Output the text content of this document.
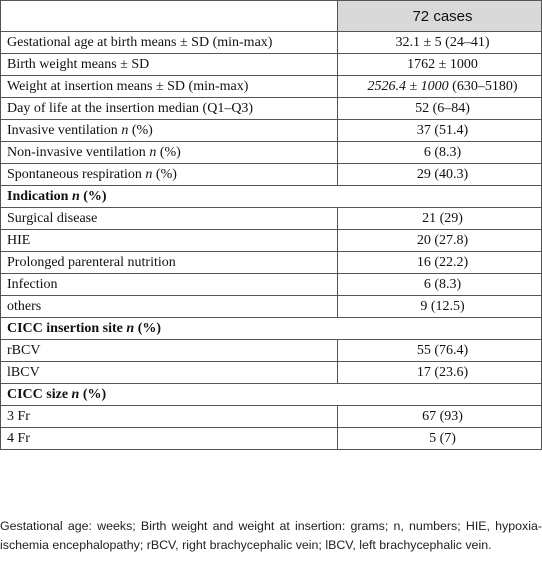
	72 cases
Gestational age at birth means ± SD (min-max)	32.1 ± 5 (24–41)
Birth weight means ± SD	1762 ± 1000
Weight at insertion means ± SD (min-max)	2526.4 ± 1000 (630–5180)
Day of life at the insertion median (Q1–Q3)	52 (6–84)
Invasive ventilation n (%)	37 (51.4)
Non-invasive ventilation n (%)	6 (8.3)
Spontaneous respiration n (%)	29 (40.3)
Indication n (%)	
Surgical disease	21 (29)
HIE	20 (27.8)
Prolonged parenteral nutrition	16 (22.2)
Infection	6 (8.3)
others	9 (12.5)
CICC insertion site n (%)	
rBCV	55 (76.4)
lBCV	17 (23.6)
CICC size n (%)	
3 Fr	67 (93)
4 Fr	5 (7)
Gestational age: weeks; Birth weight and weight at insertion: grams; n, numbers; HIE, hypoxia-ischemia encephalopathy; rBCV, right brachycephalic vein; lBCV, left brachycephalic vein.
